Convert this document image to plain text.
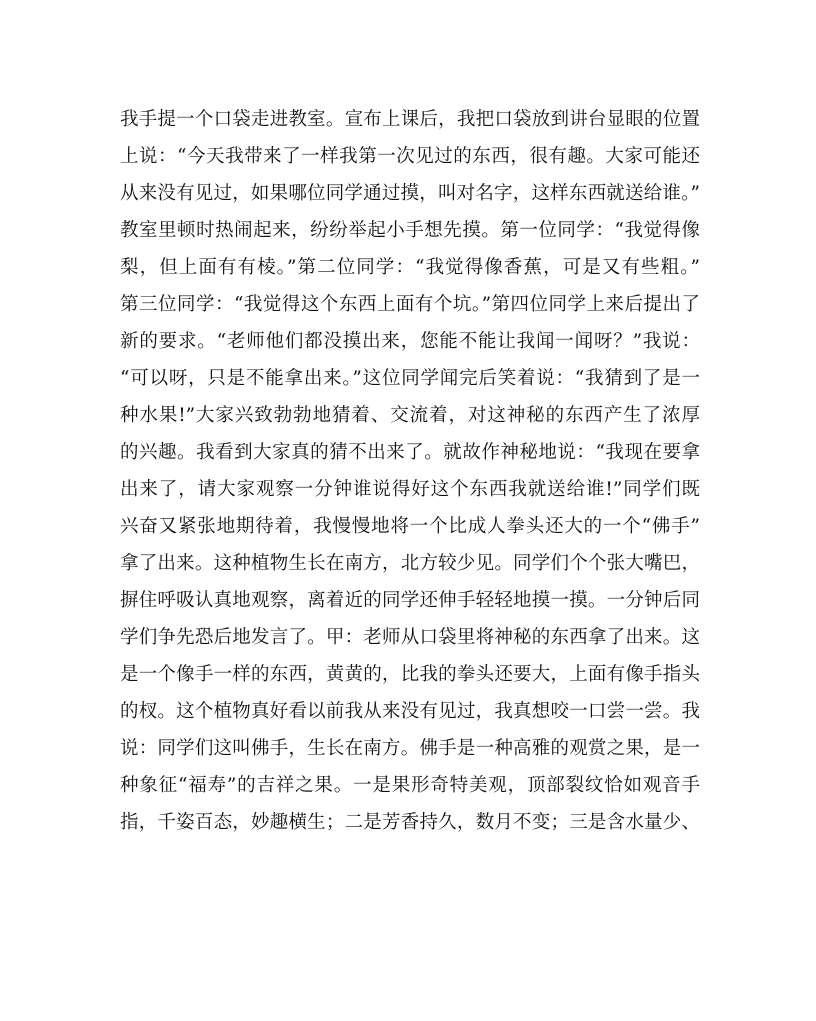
我手提一个口袋走进教室。宣布上课后，我把口袋放到讲台显眼的位置
上说：“今天我带来了一样我第一次见过的东西，很有趣。大家可能还
从来没有见过，如果哪位同学通过摸，叫对名字，这样东西就送给谁。”
教室里顿时热闹起来，纷纷举起小手想先摸。第一位同学：“我觉得像
梨，但上面有有棱。”第二位同学：“我觉得像香蕉，可是又有些粗。”
第三位同学：“我觉得这个东西上面有个坑。”第四位同学上来后提出了
新的要求。“老师他们都没摸出来，您能不能让我闻一闻呀？”我说：
“可以呀，只是不能拿出来。”这位同学闻完后笑着说：“我猜到了是一
种水果!”大家兴致勃勃地猜着、交流着，对这神秘的东西产生了浓厚
的兴趣。我看到大家真的猜不出来了。就故作神秘地说：“我现在要拿
出来了，请大家观察一分钟谁说得好这个东西我就送给谁!”同学们既
兴奋又紧张地期待着，我慢慢地将一个比成人拳头还大的一个“佛手”
拿了出来。这种植物生长在南方，北方较少见。同学们个个张大嘴巴，
摒住呼吸认真地观察，离着近的同学还伸手轻轻地摸一摸。一分钟后同
学们争先恐后地发言了。甲：老师从口袋里将神秘的东西拿了出来。这
是一个像手一样的东西，黄黄的，比我的拳头还要大，上面有像手指头
的杈。这个植物真好看以前我从来没有见过，我真想咬一口尝一尝。我
说：同学们这叫佛手，生长在南方。佛手是一种高雅的观赏之果，是一
种象征“福寿”的吉祥之果。一是果形奇特美观，顶部裂纹恰如观音手
指，千姿百态，妙趣横生；二是芳香持久，数月不变；三是含水量少、
